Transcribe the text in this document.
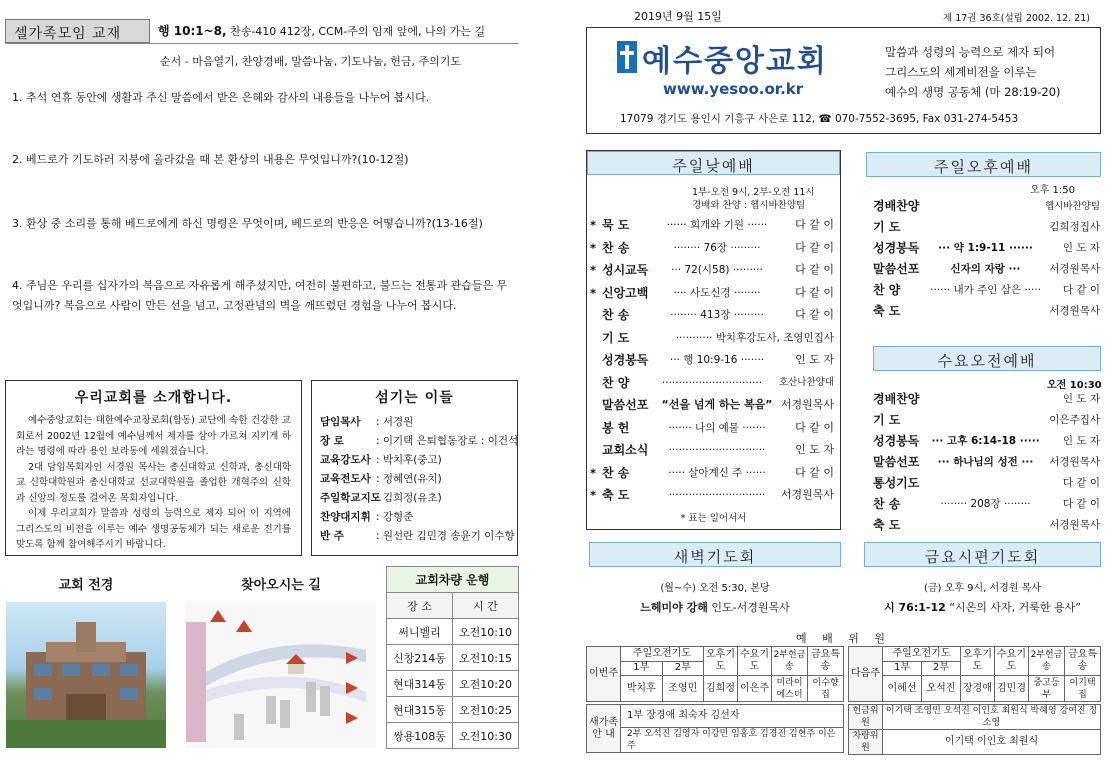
셀가족모임 교재	행 10:1~8, 찬송-410 412장, CCM-주의 임재 앞에, 나의 가는 길
순서 - 마음열기, 찬양경배, 말씀나눔, 기도나눔, 헌금, 주의기도
1. 추석 연휴 동안에 생활과 주신 말씀에서 받은 은혜와 감사의 내용들을 나누어 봅시다.
2. 베드로가 기도하러 지붕에 올라갔을 때 본 환상의 내용은 무엇입니까?(10-12절)
3. 환상 중 소리를 통해 베드로에게 하신 명령은 무엇이며, 베드로의 반응은 어떻습니까?(13-16절)
4. 주님은 우리를 십자가의 복음으로 자유롭게 해주셨지만, 여전히 불편하고, 불드는 전통과 관습들은 무엇입니까? 복음으로 사람이 만든 선을 넘고, 고정관념의 벽을 깨뜨렸던 경험을 나누어 봅시다.
우리교회를 소개합니다.

예수중앙교회는 대한예수교장로회(합동) 교단에 속한 건강한 교회로서 2002년 12월에 예수님께서 제자를 삼아 가르쳐 지키게 하라는 명령에 따라 용인 보라동에 세워졌습니다.

2대 담임목회자인 서경원 목사는 총신대학교 신학과, 총신대학교 신학대학원과 총신대학교 선교대학원을 졸업한 개혁주의 신학과 신앙의 정도를 걸어온 목회자입니다.

이제 우리교회가 말씀과 성령의 능력으로 제자 되어 이 지역에 그리스도의 비전을 이루는 예수 생명공동체가 되는 새로운 전기를 맞도록 함께 참여해주시기 바랍니다.

섬기는 이들
담임목사 : 서경원
장 로	: 이기택 은퇴협동장로 : 이건석
교육강도사 : 박치후(중고)
교육전도사 : 정혜연(유치)
주일학교지도: 김희정(유초)
찬양대지휘 : 강형준
반 주	: 원선란 김민경 송윤기 이수향
교회 전경	찾아오시는 길	교회차량 운행	
장 소	시 간
써니벨리	오전10:10
신창214동	오전10:15
현대314동	오전10:20
현대315동	오전10:25
쌍용108동	오전10:30
2019년 9월 15일	제 17권 36호(설립 2002. 12. 21)
예수중앙교회
www.yesoo.or.kr
말씀과 성령의 능력으로 제자 되어
그리스도의 세계비전을 이루는
예수의 생명 공동체 (마 28:19-20)
17079 경기도 용인시 기흥구 사은로 112, ☎ 070-7552-3695, Fax 031-274-5453
주일낮예배
1부-오전 9시, 2부-오전 11시
경배와 찬양 : 헵시바찬양팀
* 묵 도	······ 회개와 기원 ······	다 같 이
* 찬 송	········ 76장 ·········	다 같 이
* 성시교독	··· 72(시58) ·········	다 같 이
* 신앙고백	···· 사도신경 ········	다 같 이
찬 송	········ 413장 ·········	다 같 이
기 도	··········· 박치후강도사, 조영민집사
성경봉독	··· 행 10:9-16 ·······	인 도 자
찬 양	······························	호산나찬양대
말씀선포	“선을 넘게 하는 복음” 서경원목사
봉 헌	······· 나의 예물 ·······	다 같 이
교회소식	·····························	인 도 자
* 찬 송	····· 살아계신 주 ······	다 같 이
* 축 도	·····························	서경원목사
* 표는 일어서서
주일오후예배
오후 1:50
경배찬양	헵시바찬양팀
기 도	김희정집사
성경봉독	··· 약 1:9-11 ······	인 도 자
말씀선포	신자의 자랑 ···	서경원목사
찬 양	······ 내가 주인 삼은 ·····	다 같 이
축 도	서경원목사
수요오전예배
오전 10:30
경배찬양	인 도 자
기 도	이은주집사
성경봉독	··· 고후 6:14-18 ·····	인 도 자
말씀선포	··· 하나님의 성전 ···	서경원목사
통성기도	다 같 이
찬 송	········ 208장 ········	다 같 이
축 도	서경원목사
새벽기도회
(월~수) 오전 5:30, 본당
느헤미야 강해 인도-서경원목사
금요시편기도회
(금) 오후 9시, 서경원 목사
시 76:1-12 “시온의 사자, 거룩한 용사”
예 배 위 원
이번주	주일오전기도		오후기도	수요기도	2부헌금송	금요특송
	1부	2부				
	박치후	조영민	김희정	이은주	미라이 에스더	이수향집
다음주	주일오전기도		오후기도	수요기도	2부헌금송	금요특송
	1부	2부				
	이혜선	오석진	장경애	김민경	중고등부	이기택집
새가족 안 내	1부 장경애 최숙자 김선자
2부 오석진 김영자 이강민 임홍호 김경진 김현주 이은주
헌금위원	이기택 조영민 오석진 이인호 최원식 박혜영 강여진 정소영
차량위원	이기택 이인호 최원식
